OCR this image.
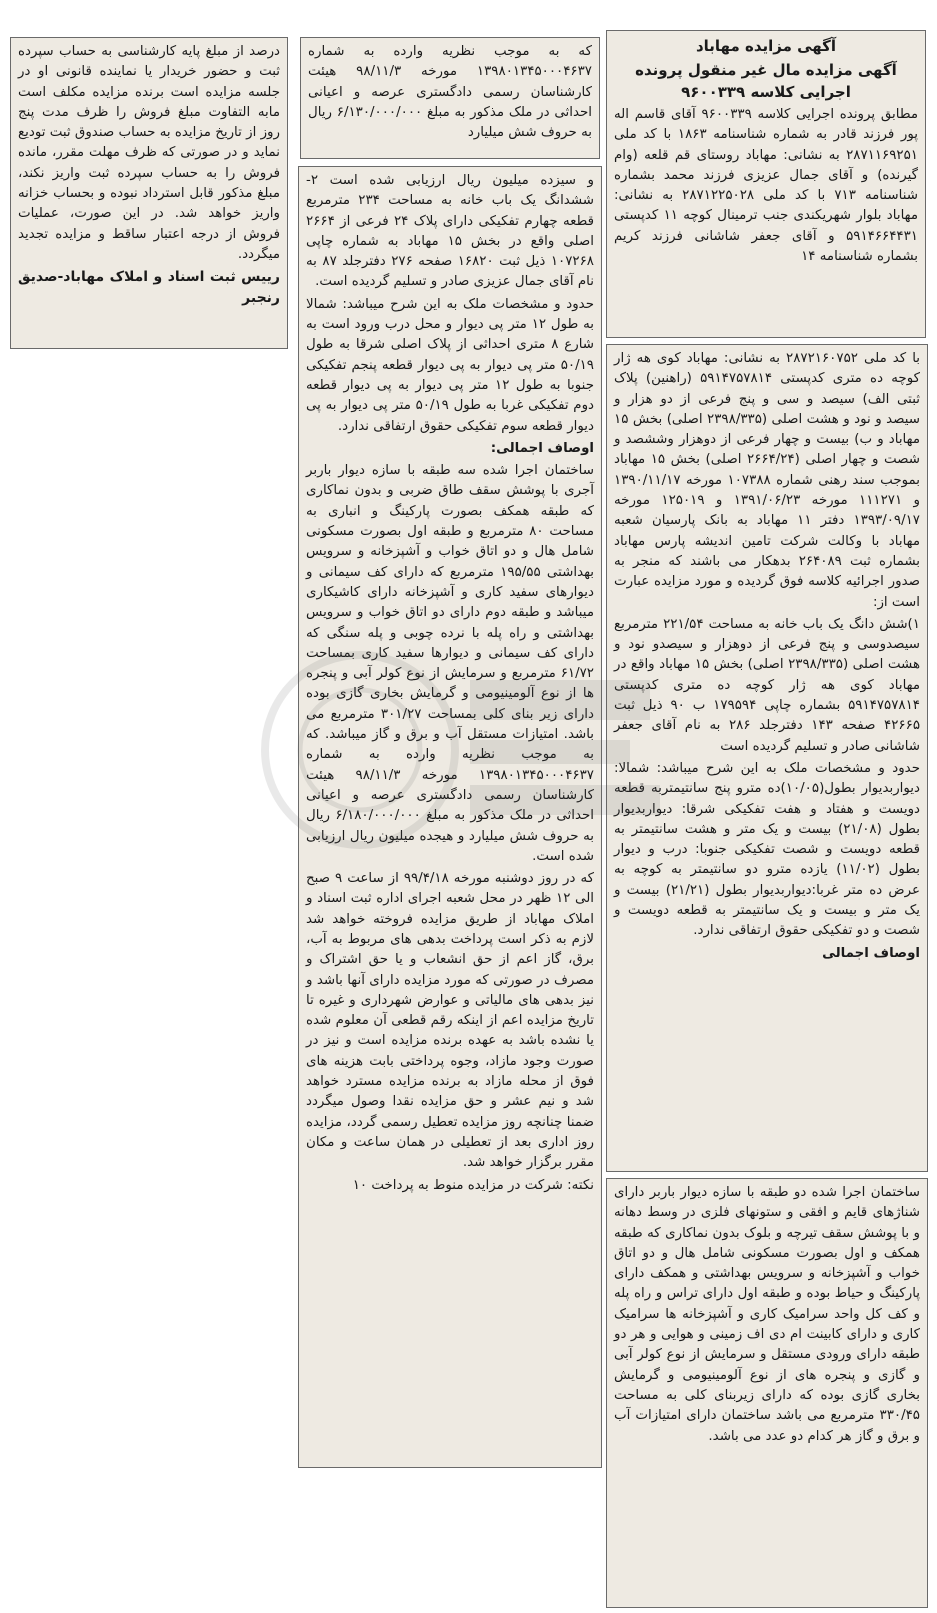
درصد از مبلغ پایه کارشناسی به حساب سپرده ثبت و حضور خریدار یا نماینده قانونی او در جلسه مزایده است برنده مزایده مکلف است مابه التفاوت مبلغ فروش را ظرف مدت پنج روز از تاریخ مزایده به حساب صندوق ثبت تودیع نماید و در صورتی که ظرف مهلت مقرر، مانده فروش را به حساب سپرده ثبت واریز نکند، مبلغ مذکور قابل استرداد نبوده و بحساب خزانه واریز خواهد شد. در این صورت، عملیات فروش از درجه اعتبار ساقط و مزایده تجدید میگردد.

رییس ثبت اسناد و املاک مهاباد-صدیق رنجبر

که به موجب نظریه وارده به شماره ۱۳۹۸۰۱۳۴۵۰۰۰۴۶۳۷ مورخه ۹۸/۱۱/۳ هیئت کارشناسان رسمی دادگستری عرصه و اعیانی احداثی در ملک مذکور به مبلغ ۶/۱۳۰/۰۰۰/۰۰۰ ریال به حروف شش میلیارد

و سیزده میلیون ریال ارزیابی شده است ۲- ششدانگ یک باب خانه به مساحت ۲۳۴ مترمربع قطعه چهارم تفکیکی دارای پلاک ۲۴ فرعی از ۲۶۶۴ اصلی واقع در بخش ۱۵ مهاباد به شماره چاپی ۱۰۷۲۶۸ ذیل ثبت ۱۶۸۲۰ صفحه ۲۷۶ دفترجلد ۸۷ به نام آقای جمال عزیزی صادر و تسلیم گردیده است.

حدود و مشخصات ملک به این شرح میباشد: شمالا به طول ۱۲ متر پی دیوار و محل درب ورود است به شارع ۸ متری احداثی از پلاک اصلی شرقا به طول ۵۰/۱۹ متر پی دیوار به پی دیوار قطعه پنجم تفکیکی جنوبا به طول ۱۲ متر پی دیوار به پی دیوار قطعه دوم تفکیکی غربا به طول ۵۰/۱۹ متر پی دیوار به پی دیوار قطعه سوم تفکیکی حقوق ارتفاقی ندارد.

اوصاف اجمالی:

ساختمان اجرا شده سه طبقه با سازه دیوار باربر آجری با پوشش سقف طاق ضربی و بدون نماکاری که طبقه همکف بصورت پارکینگ و انباری به مساحت ۸۰ مترمربع و طبقه اول بصورت مسکونی شامل هال و دو اتاق خواب و آشپزخانه و سرویس بهداشتی ۱۹۵/۵۵ مترمربع که دارای کف سیمانی و دیوارهای سفید کاری و آشپزخانه دارای کاشیکاری میباشد و طبقه دوم دارای دو اتاق خواب و سرویس بهداشتی و راه پله با نرده چوبی و پله سنگی که دارای کف سیمانی و دیوارها سفید کاری بمساحت ۶۱/۷۲ مترمربع و سرمایش از نوع کولر آبی و پنجره ها از نوع آلومینیومی و گرمایش بخاری گازی بوده دارای زیر بنای کلی بمساحت ۳۰۱/۲۷ مترمربع می باشد. امتیازات مستقل آب و برق و گاز میباشد. که به موجب نظریه وارده به شماره ۱۳۹۸۰۱۳۴۵۰۰۰۴۶۳۷ مورخه ۹۸/۱۱/۳ هیئت کارشناسان رسمی دادگستری عرصه و اعیانی احداثی در ملک مذکور به مبلغ ۶/۱۸۰/۰۰۰/۰۰۰ ریال به حروف شش میلیارد و هیجده میلیون ریال ارزیابی شده است.

که در روز دوشنبه مورخه ۹۹/۴/۱۸ از ساعت ۹ صبح الی ۱۲ ظهر در محل شعبه اجرای اداره ثبت اسناد و املاک مهاباد از طریق مزایده فروخته خواهد شد لازم به ذکر است پرداخت بدهی های مربوط به آب، برق، گاز اعم از حق انشعاب و یا حق اشتراک و مصرف در صورتی که مورد مزایده دارای آنها باشد و نیز بدهی های مالیاتی و عوارض شهرداری و غیره تا تاریخ مزایده اعم از اینکه رقم قطعی آن معلوم شده یا نشده باشد به عهده برنده مزایده است و نیز در صورت وجود مازاد، وجوه پرداختی بابت هزینه های فوق از محله مازاد به برنده مزایده مسترد خواهد شد و نیم عشر و حق مزایده نقدا وصول میگردد ضمنا چنانچه روز مزایده تعطیل رسمی گردد، مزایده روز اداری بعد از تعطیلی در همان ساعت و مکان مقرر برگزار خواهد شد.

نکته: شرکت در مزایده منوط به پرداخت ۱۰

آگهی مزایده مهاباد

آگهی مزایده مال غیر منقول پرونده اجرایی کلاسه ۹۶۰۰۳۳۹

مطابق پرونده اجرایی کلاسه ۹۶۰۰۳۳۹ آقای قاسم اله پور فرزند قادر به شماره شناسنامه ۱۸۶۳ با کد ملی ۲۸۷۱۱۶۹۲۵۱ به نشانی: مهاباد روستای قم قلعه (وام گیرنده) و آقای جمال عزیزی فرزند محمد بشماره شناسنامه ۷۱۳ با کد ملی ۲۸۷۱۲۲۵۰۲۸ به نشانی: مهاباد بلوار شهریکندی جنب ترمینال کوچه ۱۱ کدپستی ۵۹۱۴۶۶۴۴۳۱ و آقای جعفر شاشانی فرزند کریم بشماره شناسنامه ۱۴

با کد ملی ۲۸۷۲۱۶۰۷۵۲ به نشانی: مهاباد کوی هه ژار کوچه ده متری کدپستی ۵۹۱۴۷۵۷۸۱۴ (راهنین) پلاک ثبتی الف) سیصد و سی و پنج فرعی از دو هزار و سیصد و نود و هشت اصلی (۲۳۹۸/۳۳۵ اصلی) بخش ۱۵ مهاباد و ب) بیست و چهار فرعی از دوهزار وششصد و شصت و چهار اصلی (۲۶۶۴/۲۴ اصلی) بخش ۱۵ مهاباد بموجب سند رهنی شماره ۱۰۷۳۸۸ مورخه ۱۳۹۰/۱۱/۱۷ و ۱۱۱۲۷۱ مورخه ۱۳۹۱/۰۶/۲۳ و ۱۲۵۰۱۹ مورخه ۱۳۹۳/۰۹/۱۷ دفتر ۱۱ مهاباد به بانک پارسیان شعبه مهاباد با وکالت شرکت تامین اندیشه پارس مهاباد بشماره ثبت ۲۶۴۰۸۹ بدهکار می باشند که منجر به صدور اجرائیه کلاسه فوق گردیده و مورد مزایده عبارت است از:

۱)شش دانگ یک باب خانه به مساحت ۲۲۱/۵۴ مترمربع سیصدوسی و پنج فرعی از دوهزار و سیصدو نود و هشت اصلی (۲۳۹۸/۳۳۵ اصلی) بخش ۱۵ مهاباد واقع در مهاباد کوی هه ژار کوچه ده متری کدپستی ۵۹۱۴۷۵۷۸۱۴ بشماره چاپی ۱۷۹۵۹۴ ب ۹۰ ذیل ثبت ۴۲۶۶۵ صفحه ۱۴۳ دفترجلد ۲۸۶ به نام آقای جعفر شاشانی صادر و تسلیم گردیده است

حدود و مشخصات ملک به این شرح میباشد: شمالا: دیواربدیوار بطول(۱۰/۰۵)ده مترو پنج سانتیمتربه قطعه دویست و هفتاد و هفت تفکیکی شرقا: دیواربدیوار بطول (۲۱/۰۸) بیست و یک متر و هشت سانتیمتر به قطعه دویست و شصت تفکیکی جنوبا: درب و دیوار بطول (۱۱/۰۲) یازده مترو دو سانتیمتر به کوچه به عرض ده متر غربا:دیواربدیوار بطول (۲۱/۲۱) بیست و یک متر و بیست و یک سانتیمتر به قطعه دویست و شصت و دو تفکیکی حقوق ارتفاقی ندارد.

اوصاف اجمالی

ساختمان اجرا شده دو طبقه با سازه دیوار باربر دارای شناژهای قایم و افقی و ستونهای فلزی در وسط دهانه و با پوشش سقف تیرچه و بلوک بدون نماکاری که طبقه همکف و اول بصورت مسکونی شامل هال و دو اتاق خواب و آشپزخانه و سرویس بهداشتی و همکف دارای پارکینگ و حیاط بوده و طبقه اول دارای تراس و راه پله و کف کل واحد سرامیک کاری و آشپزخانه ها سرامیک کاری و دارای کابینت ام دی اف زمینی و هوایی و هر دو طبقه دارای ورودی مستقل و سرمایش از نوع کولر آبی و گازی و پنجره های از نوع آلومینیومی و گرمایش بخاری گازی بوده که دارای زیربنای کلی به مساحت ۳۳۰/۴۵ مترمربع می باشد ساختمان دارای امتیازات آب و برق و گاز هر کدام دو عدد می باشد.
